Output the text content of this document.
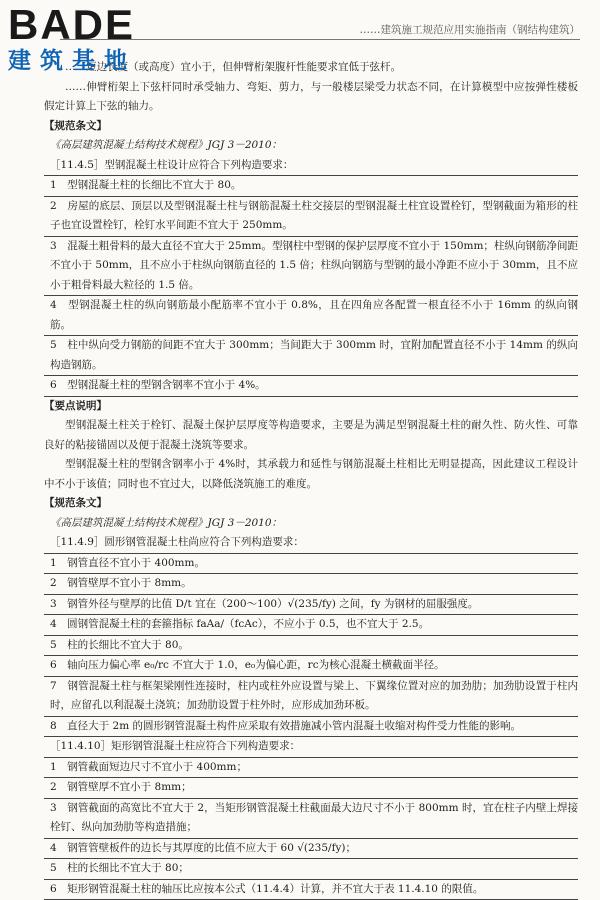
BADE
建筑基地
……建筑施工规范应用实施指南（钢结构建筑）

……短边长度（或高度）宜小于，但伸臂桁架腹杆性能要求宜低于弦杆。

……伸臂桁架上下弦杆同时承受轴力、弯矩、剪力，与一般楼层梁受力状态不同，在计算模型中应按弹性楼板假定计算上下弦的轴力。

【规范条文】

《高层建筑混凝土结构技术规程》JGJ 3－2010：

［11.4.5］型钢混凝土柱设计应符合下列构造要求：

1　型钢混凝土柱的长细比不宜大于 80。

2　房屋的底层、顶层以及型钢混凝土柱与钢筋混凝土柱交接层的型钢混凝土柱宜设置栓钉，型钢截面为箱形的柱子也宜设置栓钉，栓钉水平间距不宜大于 250mm。

3　混凝土粗骨料的最大直径不宜大于 25mm。型钢柱中型钢的保护层厚度不宜小于 150mm；柱纵向钢筋净间距不宜小于 50mm，且不应小于柱纵向钢筋直径的 1.5 倍；柱纵向钢筋与型钢的最小净距不应小于 30mm，且不应小于粗骨料最大粒径的 1.5 倍。

4　型钢混凝土柱的纵向钢筋最小配筋率不宜小于 0.8%，且在四角应各配置一根直径不小于 16mm 的纵向钢筋。

5　柱中纵向受力钢筋的间距不宜大于 300mm；当间距大于 300mm 时，宜附加配置直径不小于 14mm 的纵向构造钢筋。

6　型钢混凝土柱的型钢含钢率不宜小于 4%。

【要点说明】

型钢混凝土柱关于栓钉、混凝土保护层厚度等构造要求，主要是为满足型钢混凝土柱的耐久性、防火性、可靠良好的粘接锚固以及便于混凝土浇筑等要求。

型钢混凝土柱的型钢含钢率小于 4%时，其承载力和延性与钢筋混凝土柱相比无明显提高，因此建议工程设计中不小于该值；同时也不宜过大，以降低浇筑施工的难度。

【规范条文】

《高层建筑混凝土结构技术规程》JGJ 3－2010：

［11.4.9］圆形钢管混凝土柱尚应符合下列构造要求：

1　钢管直径不宜小于 400mm。

2　钢管壁厚不宜小于 8mm。

3　钢管外径与壁厚的比值 D/t 宜在（200～100）√(235/fy) 之间，fy 为钢材的屈服强度。

4　圆钢管混凝土柱的套箍指标 faAa/（fcAc），不应小于 0.5，也不宜大于 2.5。

5　柱的长细比不宜大于 80。

6　轴向压力偏心率 e₀/rc 不宜大于 1.0，e₀为偏心距，rc为核心混凝土横截面半径。

7　钢管混凝土柱与框架梁刚性连接时，柱内或柱外应设置与梁上、下翼缘位置对应的加劲肋；加劲肋设置于柱内时，应留孔以利混凝土浇筑；加劲肋设置于柱外时，应形成加劲环板。

8　直径大于 2m 的圆形钢管混凝土构件应采取有效措施减小管内混凝土收缩对构件受力性能的影响。

［11.4.10］矩形钢管混凝土柱应符合下列构造要求：

1　钢管截面短边尺寸不宜小于 400mm；

2　钢管壁厚不宜小于 8mm；

3　钢管截面的高宽比不宜大于 2，当矩形钢管混凝土柱截面最大边尺寸不小于 800mm 时，宜在柱子内壁上焊接栓钉、纵向加劲肋等构造措施；

4　钢管管壁板件的边长与其厚度的比值不应大于 60 √(235/fy)；

5　柱的长细比不宜大于 80；

6　矩形钢管混凝土柱的轴压比应按本公式（11.4.4）计算，并不宜大于表 11.4.10 的限值。
